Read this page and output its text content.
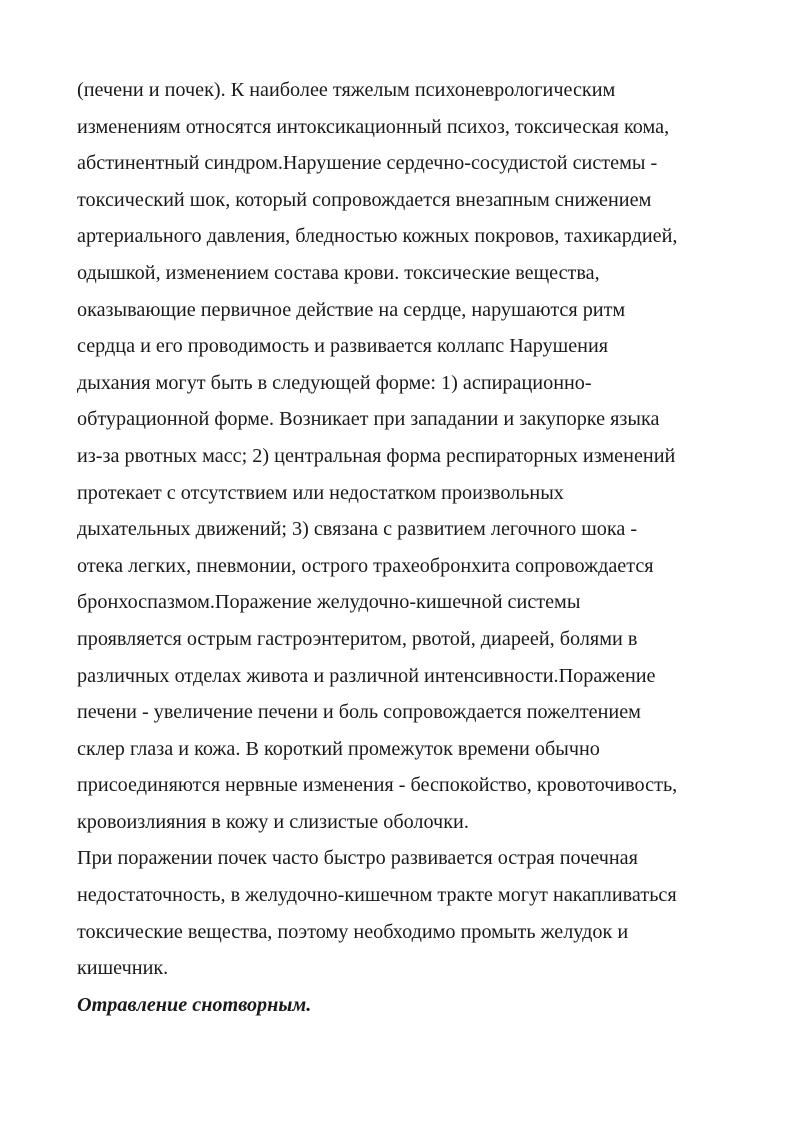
(печени и почек). К наиболее тяжелым психоневрологическим
изменениям относятся интоксикационный психоз, токсическая кома,
абстинентный синдром.Нарушение сердечно-сосудистой системы -
токсический шок, который сопровождается внезапным снижением
артериального давления, бледностью кожных покровов, тахикардией,
одышкой, изменением состава крови. токсические вещества,
оказывающие первичное действие на сердце, нарушаются ритм
сердца и его проводимость и развивается коллапс Нарушения
дыхания могут быть в следующей форме: 1) аспирационно-
обтурационной форме. Возникает при западании и закупорке языка
из-за рвотных масс; 2) центральная форма респираторных изменений
протекает с отсутствием или недостатком произвольных
дыхательных движений; 3) связана с развитием легочного шока -
отека легких, пневмонии, острого трахеобронхита сопровождается
бронхоспазмом.Поражение желудочно-кишечной системы
проявляется острым гастроэнтеритом, рвотой, диареей, болями в
различных отделах живота и различной интенсивности.Поражение
печени - увеличение печени и боль сопровождается пожелтением
склер глаза и кожа. В короткий промежуток времени обычно
присоединяются нервные изменения - беспокойство, кровоточивость,
кровоизлияния в кожу и слизистые оболочки.
При поражении почек часто быстро развивается острая почечная
недостаточность, в желудочно-кишечном тракте могут накапливаться
токсические вещества, поэтому необходимо промыть желудок и
кишечник.
Отравление снотворным.
